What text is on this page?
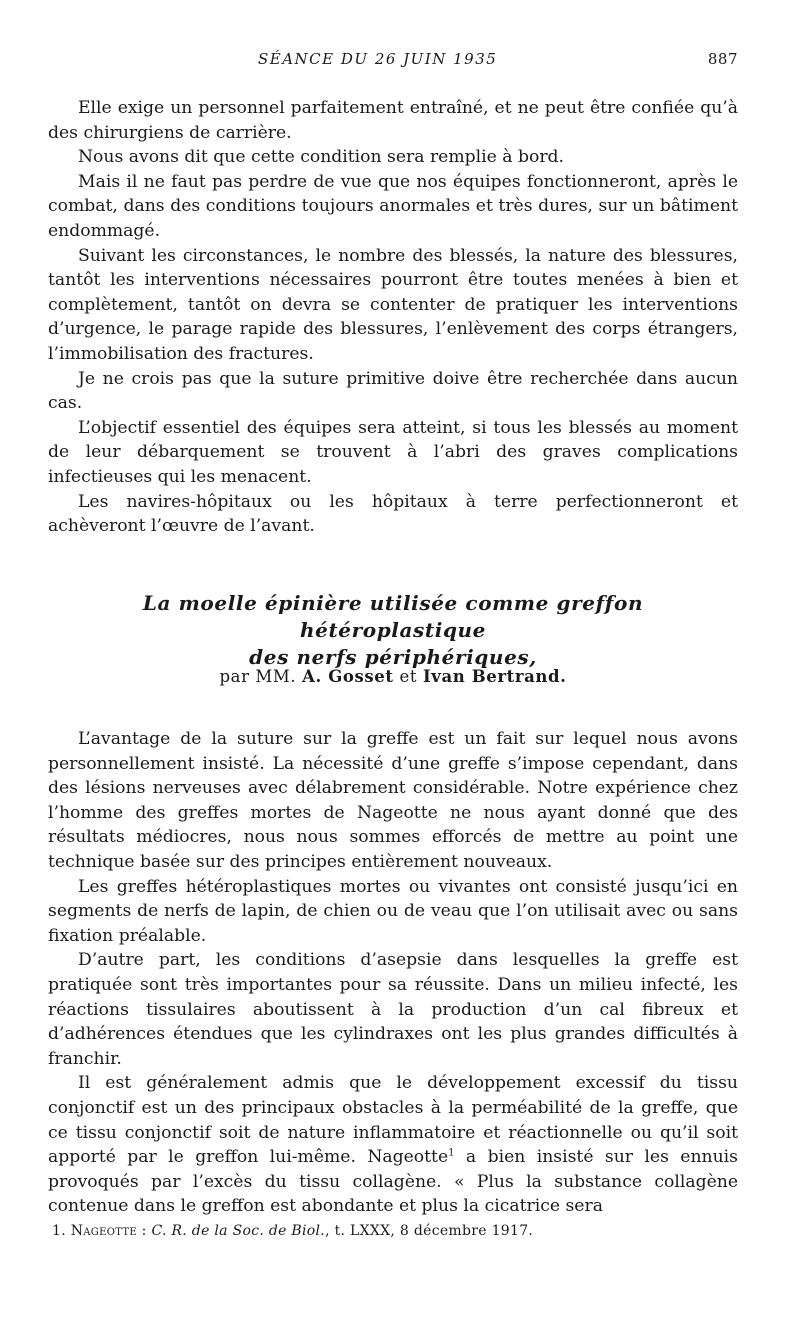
SÉANCE DU 26 JUIN 1935	887

Elle exige un personnel parfaitement entraîné, et ne peut être confiée qu’à des chirurgiens de carrière.

Nous avons dit que cette condition sera remplie à bord.

Mais il ne faut pas perdre de vue que nos équipes fonctionneront, après le combat, dans des conditions toujours anormales et très dures, sur un bâtiment endommagé.

Suivant les circonstances, le nombre des blessés, la nature des blessures, tantôt les interventions nécessaires pourront être toutes menées à bien et complètement, tantôt on devra se contenter de pratiquer les interventions d’urgence, le parage rapide des blessures, l’enlèvement des corps étrangers, l’immobilisation des fractures.

Je ne crois pas que la suture primitive doive être recherchée dans aucun cas.

L’objectif essentiel des équipes sera atteint, si tous les blessés au moment de leur débarquement se trouvent à l’abri des graves complications infectieuses qui les menacent.

Les navires-hôpitaux ou les hôpitaux à terre perfectionneront et achèveront l’œuvre de l’avant.

La moelle épinière utilisée comme greffon hétéroplastique
des nerfs périphériques,
par MM. A. Gosset et Ivan Bertrand.

L’avantage de la suture sur la greffe est un fait sur lequel nous avons personnellement insisté. La nécessité d’une greffe s’impose cependant, dans des lésions nerveuses avec délabrement considérable. Notre expérience chez l’homme des greffes mortes de Nageotte ne nous ayant donné que des résultats médiocres, nous nous sommes efforcés de mettre au point une technique basée sur des principes entièrement nouveaux.

Les greffes hétéroplastiques mortes ou vivantes ont consisté jusqu’ici en segments de nerfs de lapin, de chien ou de veau que l’on utilisait avec ou sans fixation préalable.

D’autre part, les conditions d’asepsie dans lesquelles la greffe est pratiquée sont très importantes pour sa réussite. Dans un milieu infecté, les réactions tissulaires aboutissent à la production d’un cal fibreux et d’adhérences étendues que les cylindraxes ont les plus grandes difficultés à franchir.

Il est généralement admis que le développement excessif du tissu conjonctif est un des principaux obstacles à la perméabilité de la greffe, que ce tissu conjonctif soit de nature inflammatoire et réactionnelle ou qu’il soit apporté par le greffon lui-même. Nageotte$^1$ a bien insisté sur les ennuis provoqués par l’excès du tissu collagène. « Plus la substance collagène contenue dans le greffon est abondante et plus la cicatrice sera

1. Nageotte : C. R. de la Soc. de Biol., t. LXXX, 8 décembre 1917.
